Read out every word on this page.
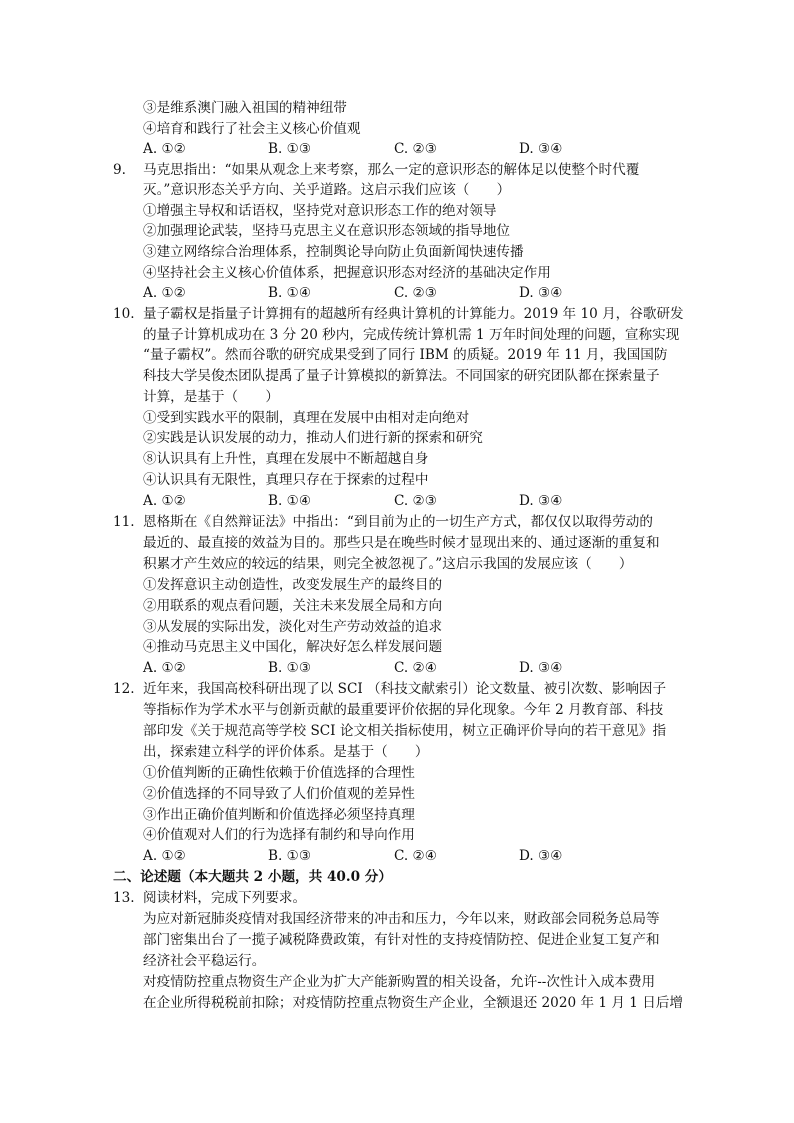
③是维系澳门融入祖国的精神纽带
④培育和践行了社会主义核心价值观
A. ①②	B. ①③	C. ②③	D. ③④
9. 马克思指出：“如果从观念上来考察，那么一定的意识形态的解体足以使整个时代覆
灭。”意识形态关乎方向、关乎道路。这启示我们应该（　　）
①增强主导权和话语权，坚持党对意识形态工作的绝对领导
②加强理论武装，坚持马克思主义在意识形态领域的指导地位
③建立网络综合治理体系，控制舆论导向防止负面新闻快速传播
④坚持社会主义核心价值体系，把握意识形态对经济的基础决定作用
A. ①②	B. ①④	C. ②③	D. ③④
10. 量子霸权是指量子计算拥有的超越所有经典计算机的计算能力。2019 年 10 月，谷歌研发
的量子计算机成功在 3 分 20 秒内，完成传统计算机需 1 万年时间处理的问题，宣称实现
“量子霸权”。然而谷歌的研究成果受到了同行 IBM 的质疑。2019 年 11 月，我国国防
科技大学吴俊杰团队提禹了量子计算模拟的新算法。不同国家的研究团队都在探索量子
计算，是基于（　　）
①受到实践水平的限制，真理在发展中由相对走向绝对
②实践是认识发展的动力，推动人们进行新的探索和研究
⑧认识具有上升性，真理在发展中不断超越自身
④认识具有无限性，真理只存在于探索的过程中
A. ①②	B. ①④	C. ②③	D. ③④
11. 恩格斯在《自然辩证法》中指出：“到目前为止的一切生产方式，都仅仅以取得劳动的
最近的、最直接的效益为目的。那些只是在晚些时候才显现出来的、通过逐渐的重复和
积累才产生效应的较远的结果，则完全被忽视了。”这启示我国的发展应该（　　）
①发挥意识主动创造性，改变发展生产的最终目的
②用联系的观点看问题，关注未来发展全局和方向
③从发展的实际出发，淡化对生产劳动效益的追求
④推动马克思主义中国化，解决好怎么样发展问题
A. ①②	B. ①③	C. ②④	D. ③④
12. 近年来，我国高校科研出现了以 SCI （科技文献索引）论文数量、被引次数、影响因子
等指标作为学术水平与创新贡献的最重要评价依据的异化现象。今年 2 月教育部、科技
部印发《关于规范高等学校 SCI 论文相关指标使用，树立正确评价导向的若干意见》指
出，探索建立科学的评价体系。是基于（　　）
①价值判断的正确性依赖于价值选择的合理性
②价值选择的不同导致了人们价值观的差异性
③作出正确价值判断和价值选择必须坚持真理
④价值观对人们的行为选择有制约和导向作用
A. ①②	B. ①③	C. ②④	D. ③④
二、论述题（本大题共 2 小题，共 40.0 分）
13. 阅读材料，完成下列要求。
为应对新冠肺炎疫情对我国经济带来的冲击和压力，今年以来，财政部会同税务总局等
部门密集出台了一揽子减税降费政策，有针对性的支持疫情防控、促进企业复工复产和
经济社会平稳运行。
对疫情防控重点物资生产企业为扩大产能新购置的相关设备，允许--次性计入成本费用
在企业所得税税前扣除；对疫情防控重点物资生产企业，全额退还 2020 年 1 月 1 日后增
